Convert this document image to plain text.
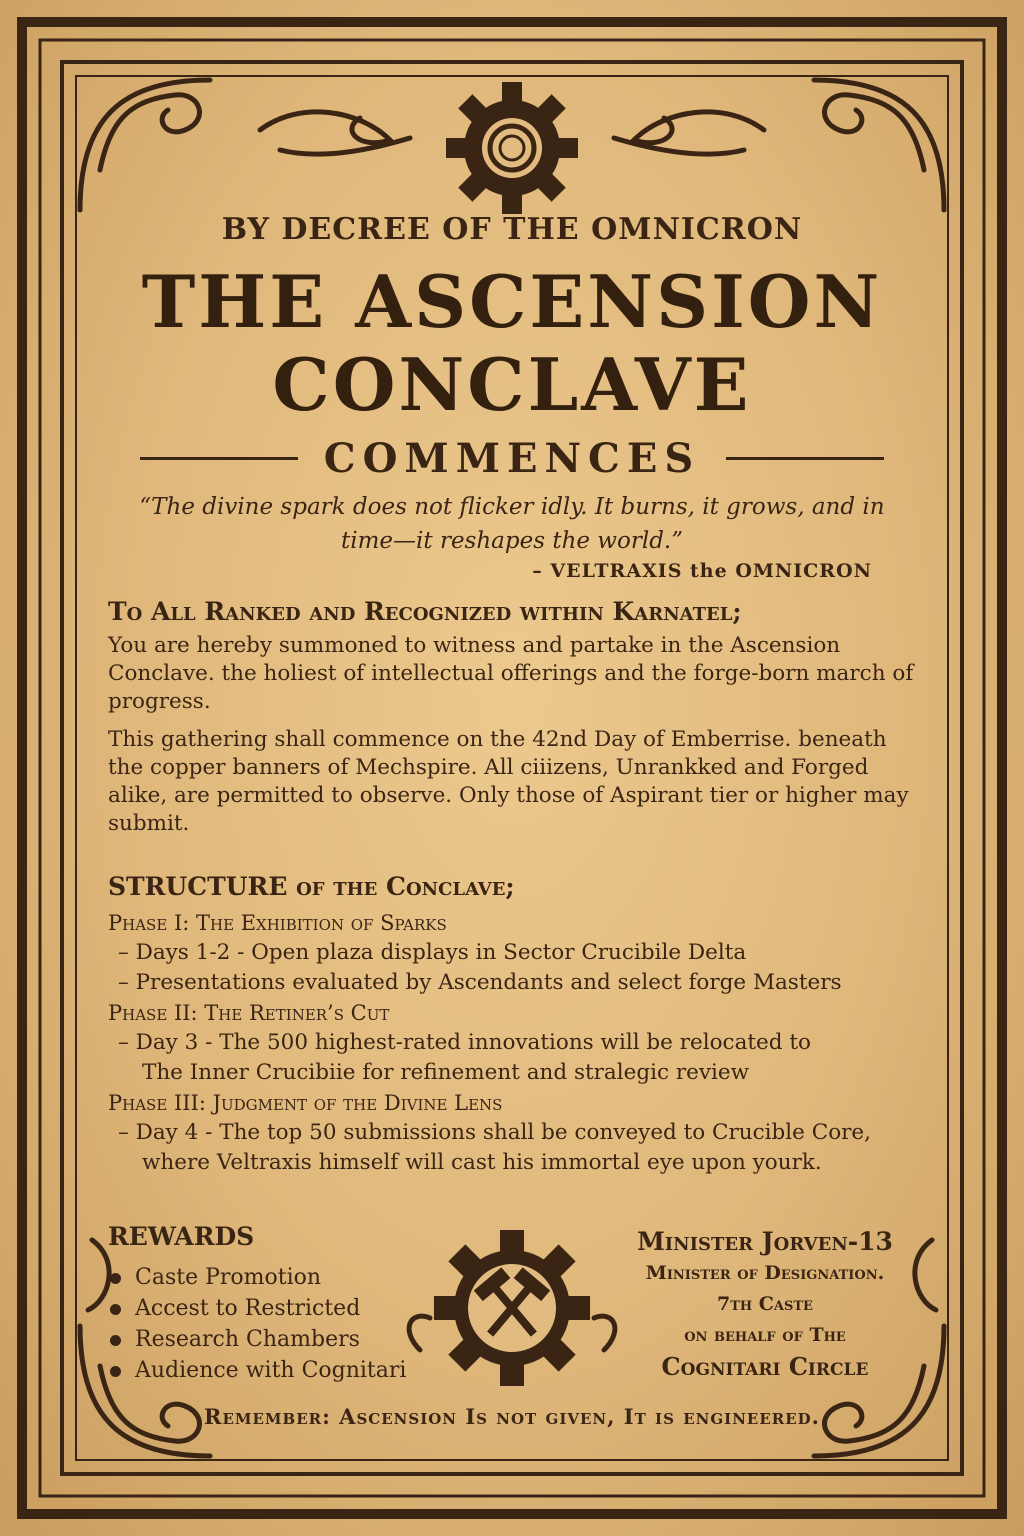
BY DECREE OF THE OMNICRON
THE ASCENSION
CONCLAVE
COMMENCES
“The divine spark does not flicker idly. It burns, it grows, and in time—it reshapes the world.”
– VELTRAXIS the OMNICRON
To All Ranked and Recognized within Karnatel;
You are hereby summoned to witness and partake in the Ascension Conclave. the holiest of intellectual offerings and the forge-born march of progress.
This gathering shall commence on the 42nd Day of Emberrise. beneath the copper banners of Mechspire. All ciiizens, Unrankked and Forged alike, are permitted to observe. Only those of Aspirant tier or higher may submit.
STRUCTURE of the Conclave;
Phase I: The Exhibition of Sparks
– Days 1-2 - Open plaza displays in Sector Crucibile Delta
– Presentations evaluated by Ascendants and select forge Masters
Phase II: The Retiner’s Cut
– Day 3 - The 500 highest-rated innovations will be relocated to
The Inner Crucibiie for refinement and stralegic review
Phase III: Judgment of the Divine Lens
– Day 4 - The top 50 submissions shall be conveyed to Crucible Core,
where Veltraxis himself will cast his immortal eye upon yourk.
REWARDS
Caste Promotion
Accest to Restricted
Research Chambers
Audience with Cognitari
Minister Jorven-13
Minister of Designation.
7th Caste
on behalf of The
Cognitari Circle
Remember: Ascension Is not given, It is engineered.
